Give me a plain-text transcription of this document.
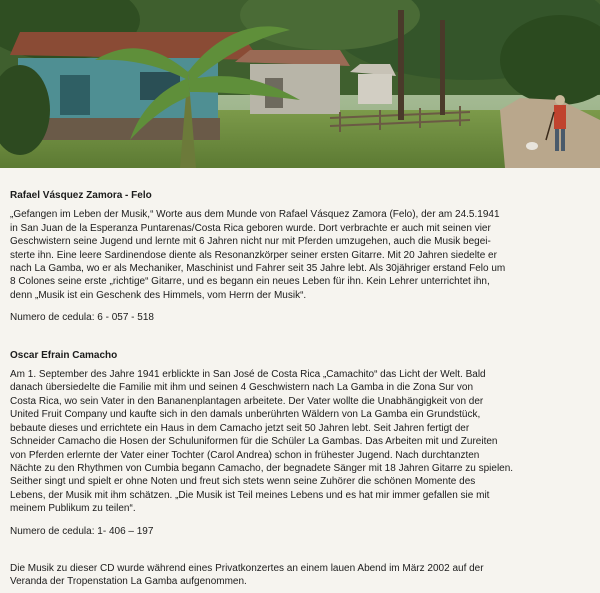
Rafael Vásquez Zamora - Felo

„Gefangen im Leben der Musik,“ Worte aus dem Munde von Rafael Vásquez Zamora (Felo), der am 24.5.1941
in San Juan de la Esperanza Puntarenas/Costa Rica geboren wurde. Dort verbrachte er auch mit seinen vier
Geschwistern seine Jugend und lernte mit 6 Jahren nicht nur mit Pferden umzugehen, auch die Musik begei-
sterte ihn. Eine leere Sardinendose diente als Resonanzkörper seiner ersten Gitarre. Mit 20 Jahren siedelte er
nach La Gamba, wo er als Mechaniker, Maschinist und Fahrer seit 35 Jahre lebt. Als 30jähriger erstand Felo um
8 Colones seine erste „richtige“ Gitarre, und es begann ein neues Leben für ihn. Kein Lehrer unterrichtet ihn,
denn „Musik ist ein Geschenk des Himmels, vom Herrn der Musik“.

Numero de cedula: 6 - 057 - 518

Oscar Efrain Camacho

Am 1. September des Jahre 1941 erblickte in San José de Costa Rica „Camachito“ das Licht der Welt. Bald
danach übersiedelte die Familie mit ihm und seinen 4 Geschwistern nach La Gamba in die Zona Sur von
Costa Rica, wo sein Vater in den Bananenplantagen arbeitete. Der Vater wollte die Unabhängigkeit von der
United Fruit Company und kaufte sich in den damals unberührten Wäldern von La Gamba ein Grundstück,
bebaute dieses und errichtete ein Haus in dem Camacho jetzt seit 50 Jahren lebt. Seit Jahren fertigt der
Schneider Camacho die Hosen der Schuluniformen für die Schüler La Gambas. Das Arbeiten mit und Zureiten
von Pferden erlernte der Vater einer Tochter (Carol Andrea) schon in frühester Jugend. Nach durchtanzten
Nächte zu den Rhythmen von Cumbia begann Camacho, der begnadete Sänger mit 18 Jahren Gitarre zu spielen.
Seither singt und spielt er ohne Noten und freut sich stets wenn seine Zuhörer die schönen Momente des
Lebens, der Musik mit ihm schätzen. „Die Musik ist Teil meines Lebens und es hat mir immer gefallen sie mit
meinem Publikum zu teilen“.

Numero de cedula: 1- 406 – 197

Die Musik zu dieser CD wurde während eines Privatkonzertes an einem lauen Abend im März 2002 auf der
Veranda der Tropenstation La Gamba aufgenommen.
